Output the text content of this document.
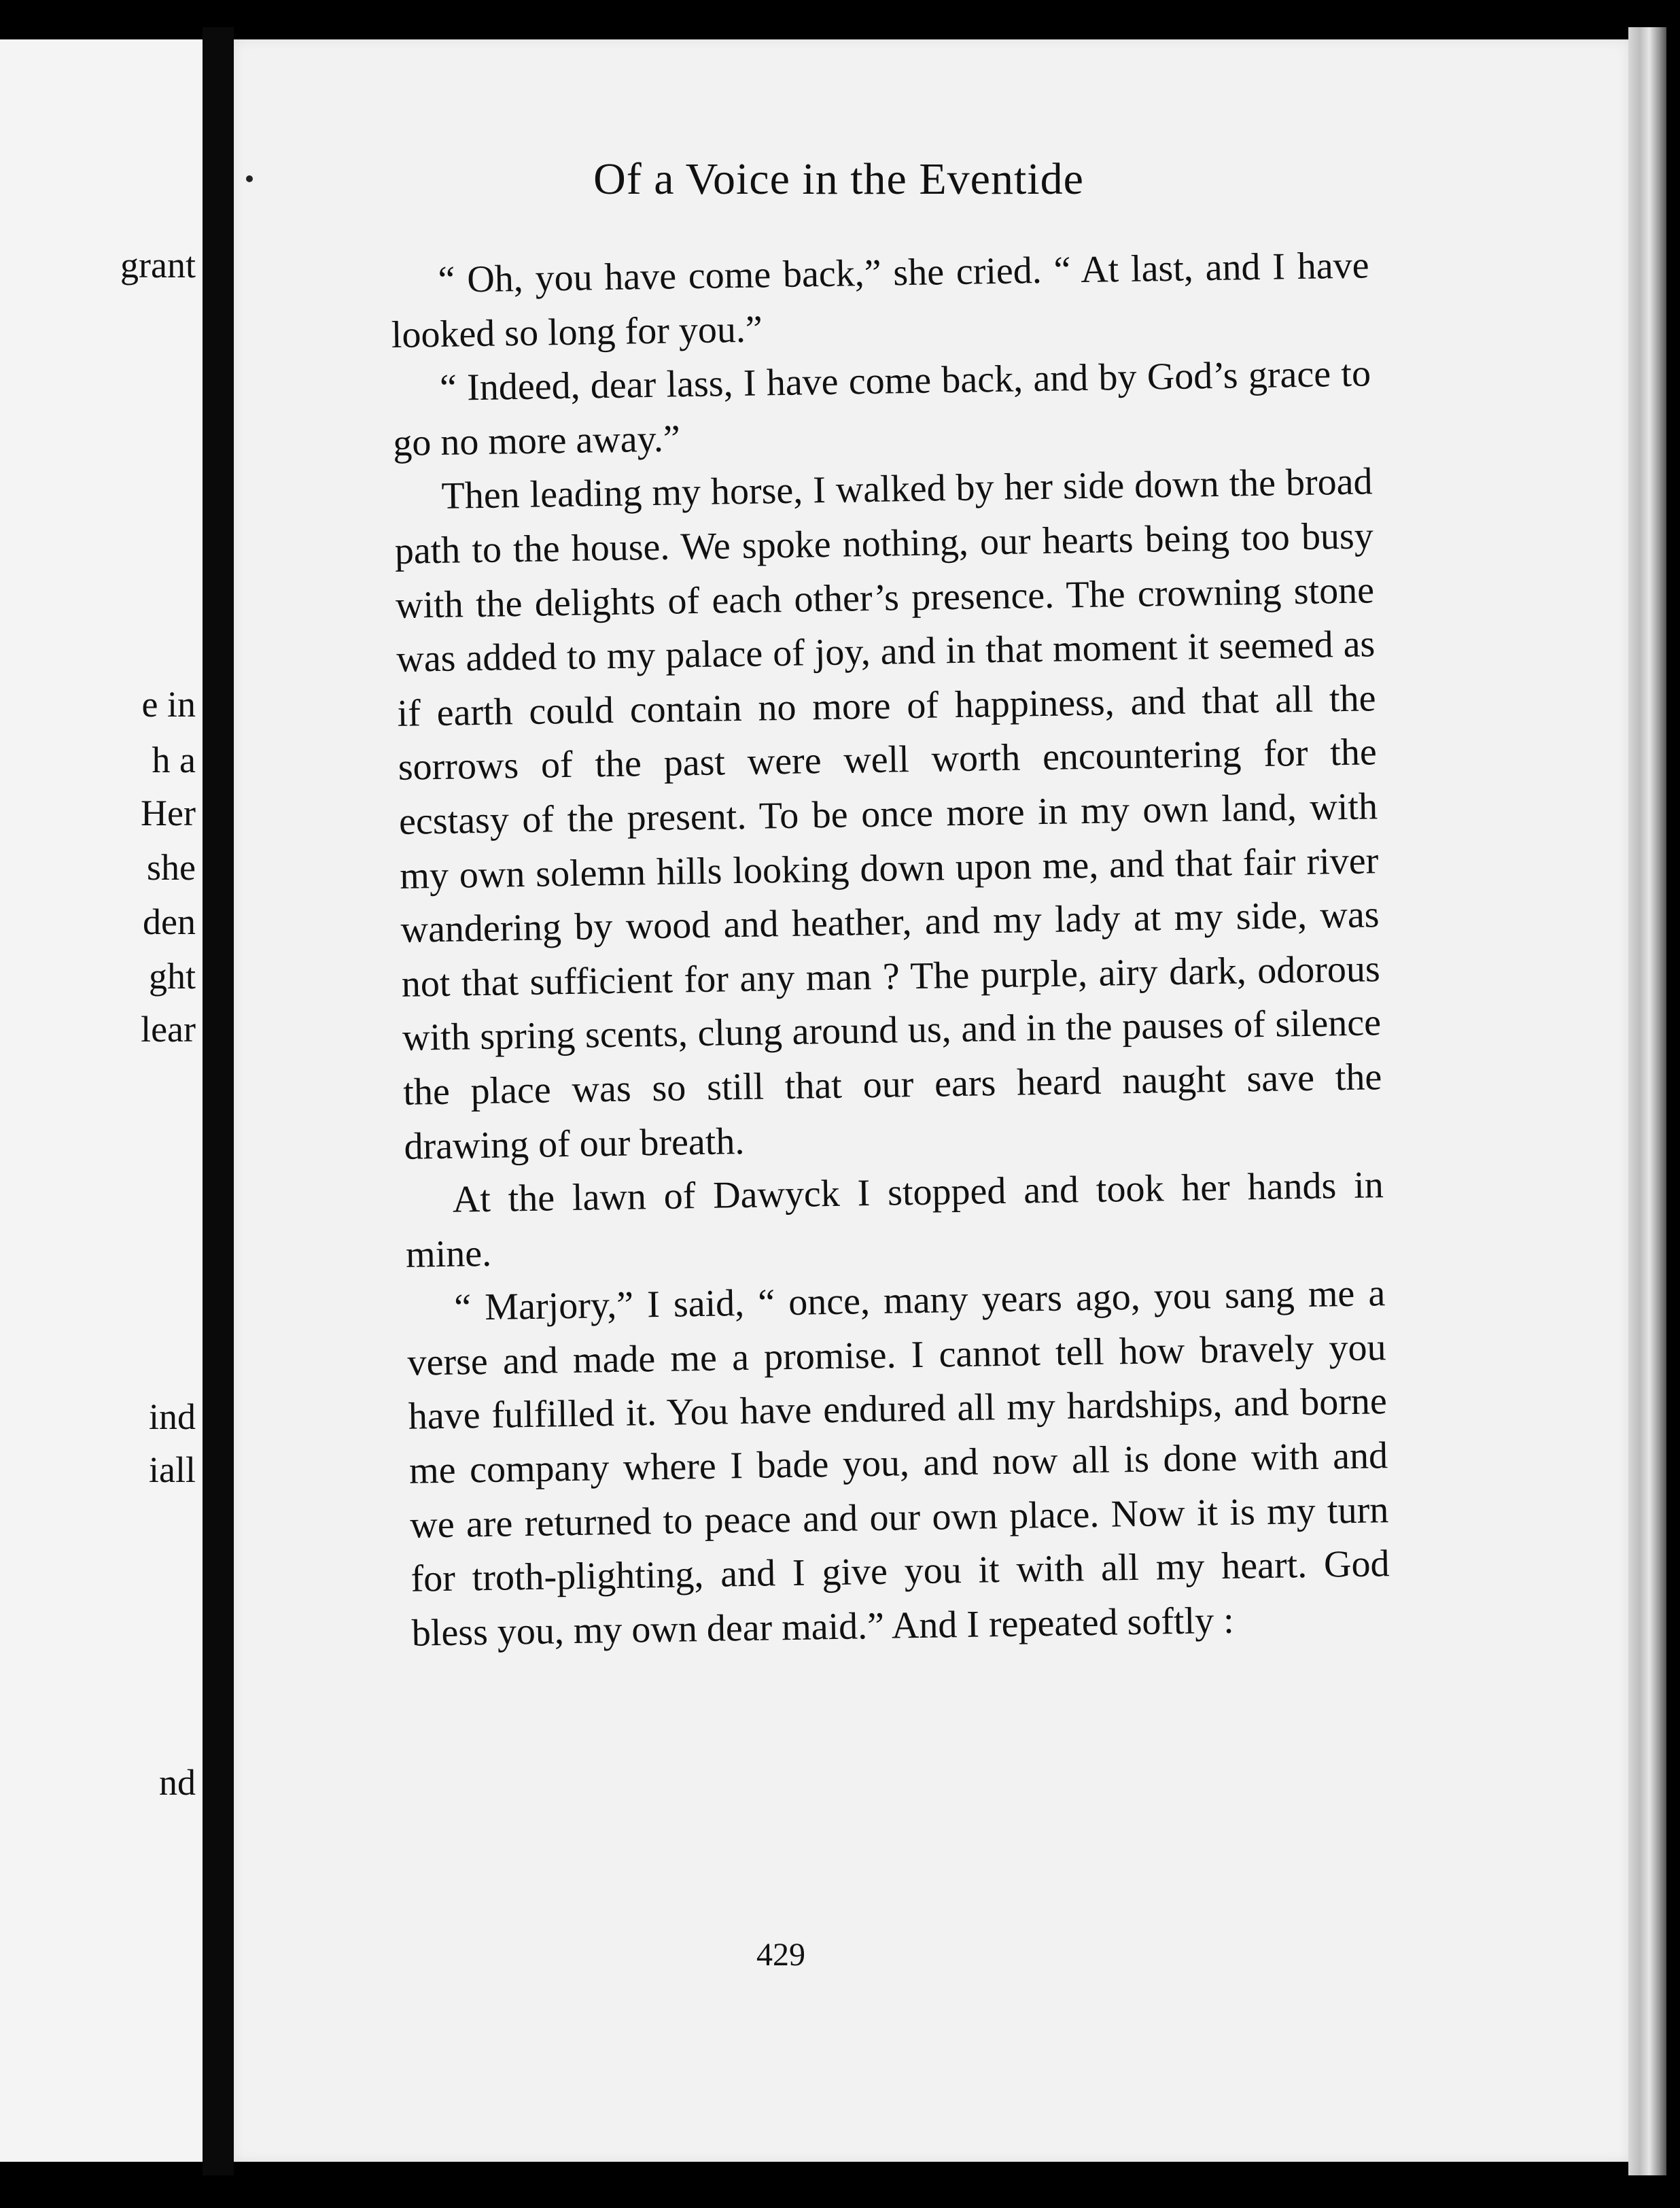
grant
e in
h a
Her
she
den
ght
lear
ind
iall
nd
Of a Voice in the Eventide

“ Oh, you have come back,” she cried. “ At last, and I have looked so long for you.”

“ Indeed, dear lass, I have come back, and by God’s grace to go no more away.”

Then leading my horse, I walked by her side down the broad path to the house. We spoke nothing, our hearts being too busy with the delights of each other’s presence. The crowning stone was added to my palace of joy, and in that moment it seemed as if earth could contain no more of happiness, and that all the sorrows of the past were well worth encountering for the ecstasy of the present. To be once more in my own land, with my own solemn hills looking down upon me, and that fair river wandering by wood and heather, and my lady at my side, was not that sufficient for any man ? The purple, airy dark, odorous with spring scents, clung around us, and in the pauses of silence the place was so still that our ears heard naught save the drawing of our breath.

At the lawn of Dawyck I stopped and took her hands in mine.

“ Marjory,” I said, “ once, many years ago, you sang me a verse and made me a promise. I cannot tell how bravely you have fulfilled it. You have endured all my hardships, and borne me company where I bade you, and now all is done with and we are returned to peace and our own place. Now it is my turn for troth-plighting, and I give you it with all my heart. God bless you, my own dear maid.” And I repeated softly :

429
